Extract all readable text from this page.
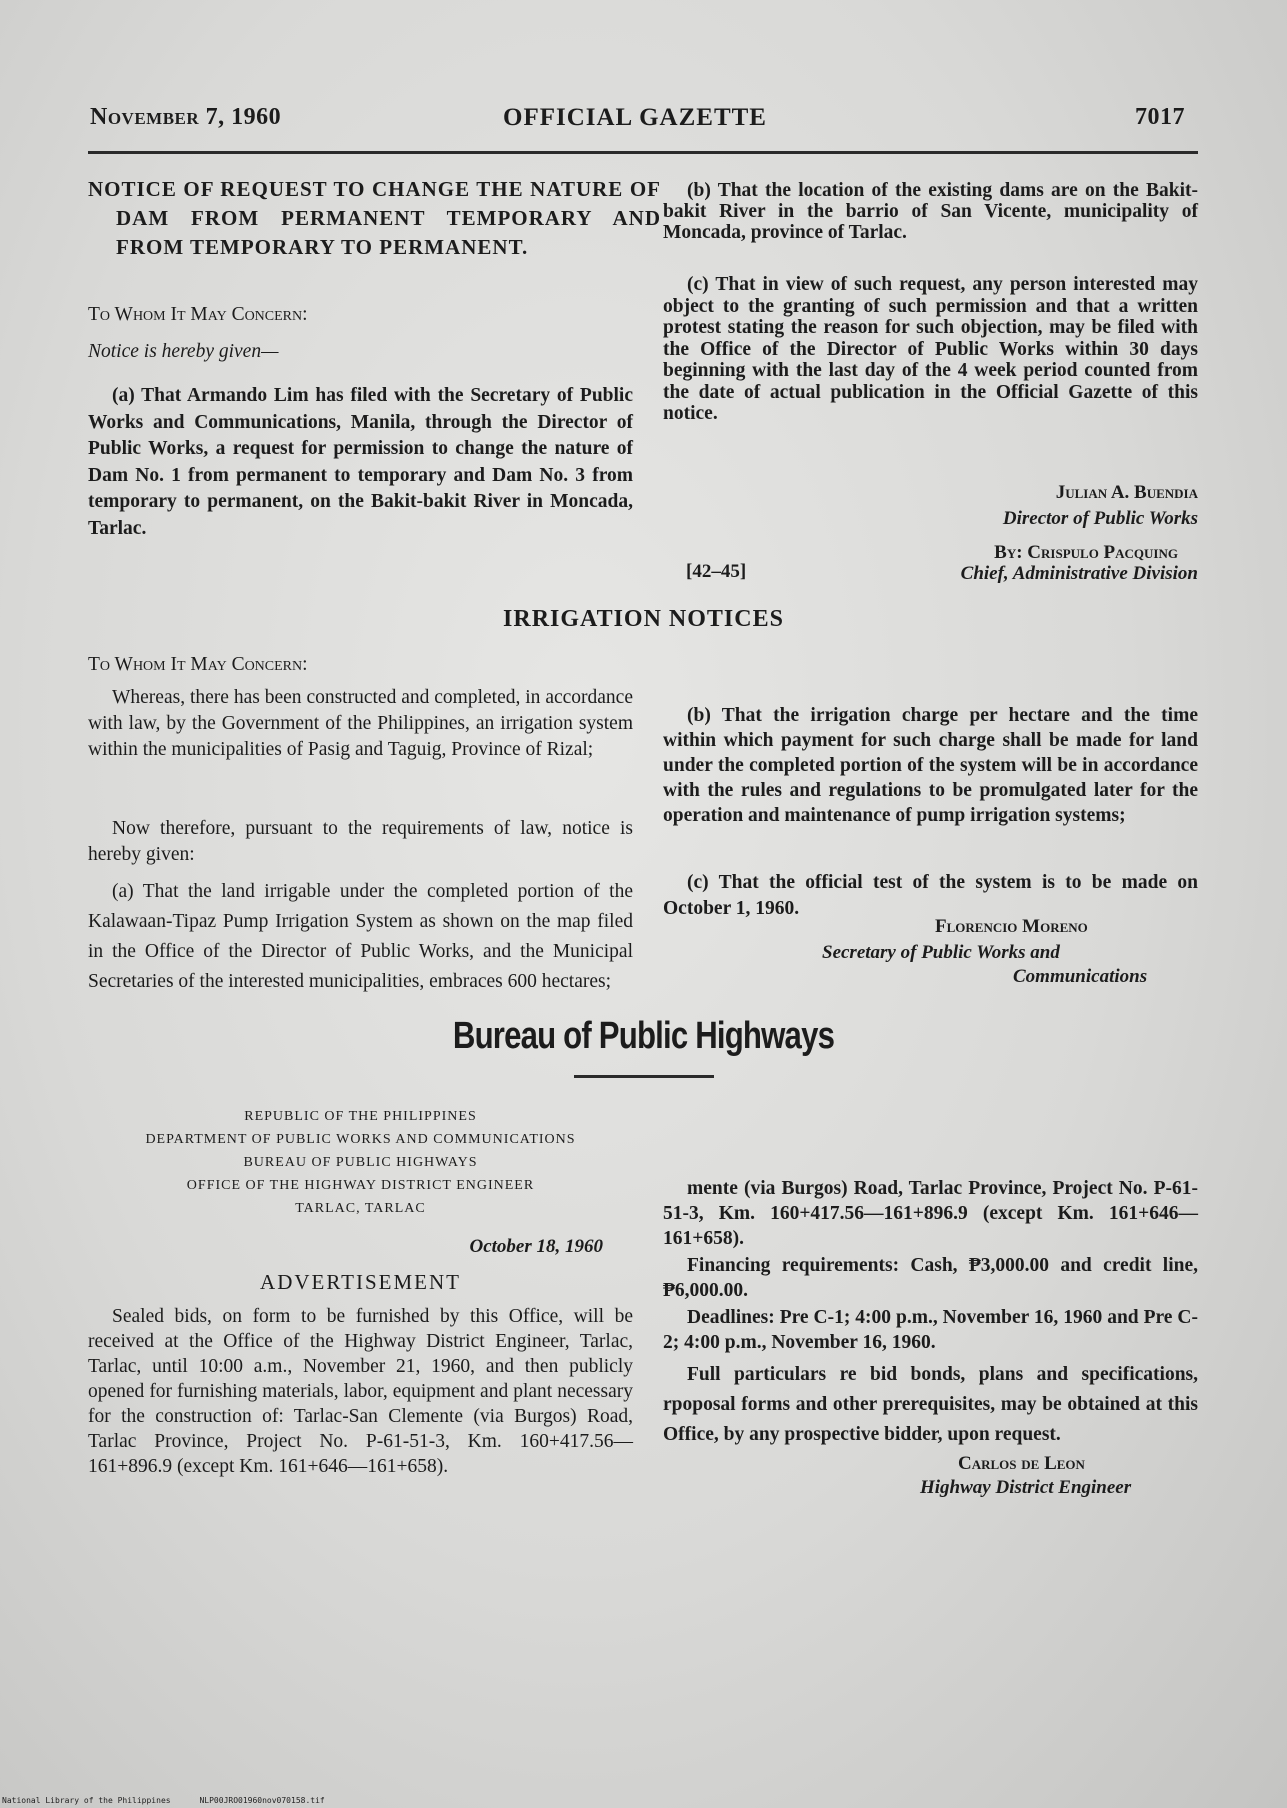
November 7, 1960	OFFICIAL GAZETTE	7017
NOTICE OF REQUEST TO CHANGE THE NATURE OF DAM FROM PERMANENT TEMPORARY AND FROM TEMPORARY TO PERMANENT.

To Whom It May Concern:

Notice is hereby given—

(a) That Armando Lim has filed with the Secretary of Public Works and Communications, Manila, through the Director of Public Works, a request for permission to change the nature of Dam No. 1 from permanent to temporary and Dam No. 3 from temporary to permanent, on the Bakit-bakit River in Moncada, Tarlac.

(b) That the location of the existing dams are on the Bakit-bakit River in the barrio of San Vicente, municipality of Moncada, province of Tarlac.

(c) That in view of such request, any person interested may object to the granting of such permission and that a written protest stating the reason for such objection, may be filed with the Office of the Director of Public Works within 30 days beginning with the last day of the 4 week period counted from the date of actual publication in the Official Gazette of this notice.

Julian A. Buendia
Director of Public Works
By: Crispulo Pacquing
[42–45]	Chief, Administrative Division
IRRIGATION NOTICES

To Whom It May Concern:

Whereas, there has been constructed and completed, in accordance with law, by the Government of the Philippines, an irrigation system within the municipalities of Pasig and Taguig, Province of Rizal;

Now therefore, pursuant to the requirements of law, notice is hereby given:

(a) That the land irrigable under the completed portion of the Kalawaan-Tipaz Pump Irrigation System as shown on the map filed in the Office of the Director of Public Works, and the Municipal Secretaries of the interested municipalities, embraces 600 hectares;

(b) That the irrigation charge per hectare and the time within which payment for such charge shall be made for land under the completed portion of the system will be in accordance with the rules and regulations to be promulgated later for the operation and maintenance of pump irrigation systems;

(c) That the official test of the system is to be made on October 1, 1960.

Florencio Moreno
Secretary of Public Works and
Communications
Bureau of Public Highways
REPUBLIC OF THE PHILIPPINES
DEPARTMENT OF PUBLIC WORKS AND COMMUNICATIONS
BUREAU OF PUBLIC HIGHWAYS
OFFICE OF THE HIGHWAY DISTRICT ENGINEER
TARLAC, TARLAC
October 18, 1960
ADVERTISEMENT
Sealed bids, on form to be furnished by this Office, will be received at the Office of the Highway District Engineer, Tarlac, Tarlac, until 10:00 a.m., November 21, 1960, and then publicly opened for furnishing materials, labor, equipment and plant necessary for the construction of: Tarlac-San Clemente (via Burgos) Road, Tarlac Province, Project No. P-61-51-3, Km. 160+417.56—161+896.9 (except Km. 161+646—161+658).

mente (via Burgos) Road, Tarlac Province, Project No. P-61-51-3, Km. 160+417.56—161+896.9 (except Km. 161+646—161+658).

Financing requirements: Cash, ₱3,000.00 and credit line, ₱6,000.00.

Deadlines: Pre C-1; 4:00 p.m., November 16, 1960 and Pre C-2; 4:00 p.m., November 16, 1960.

Full particulars re bid bonds, plans and specifications, rpoposal forms and other prerequisites, may be obtained at this Office, by any prospective bidder, upon request.

Carlos de Leon
Highway District Engineer
National Library of the Philippines	NLP00JRO01960nov070158.tif
